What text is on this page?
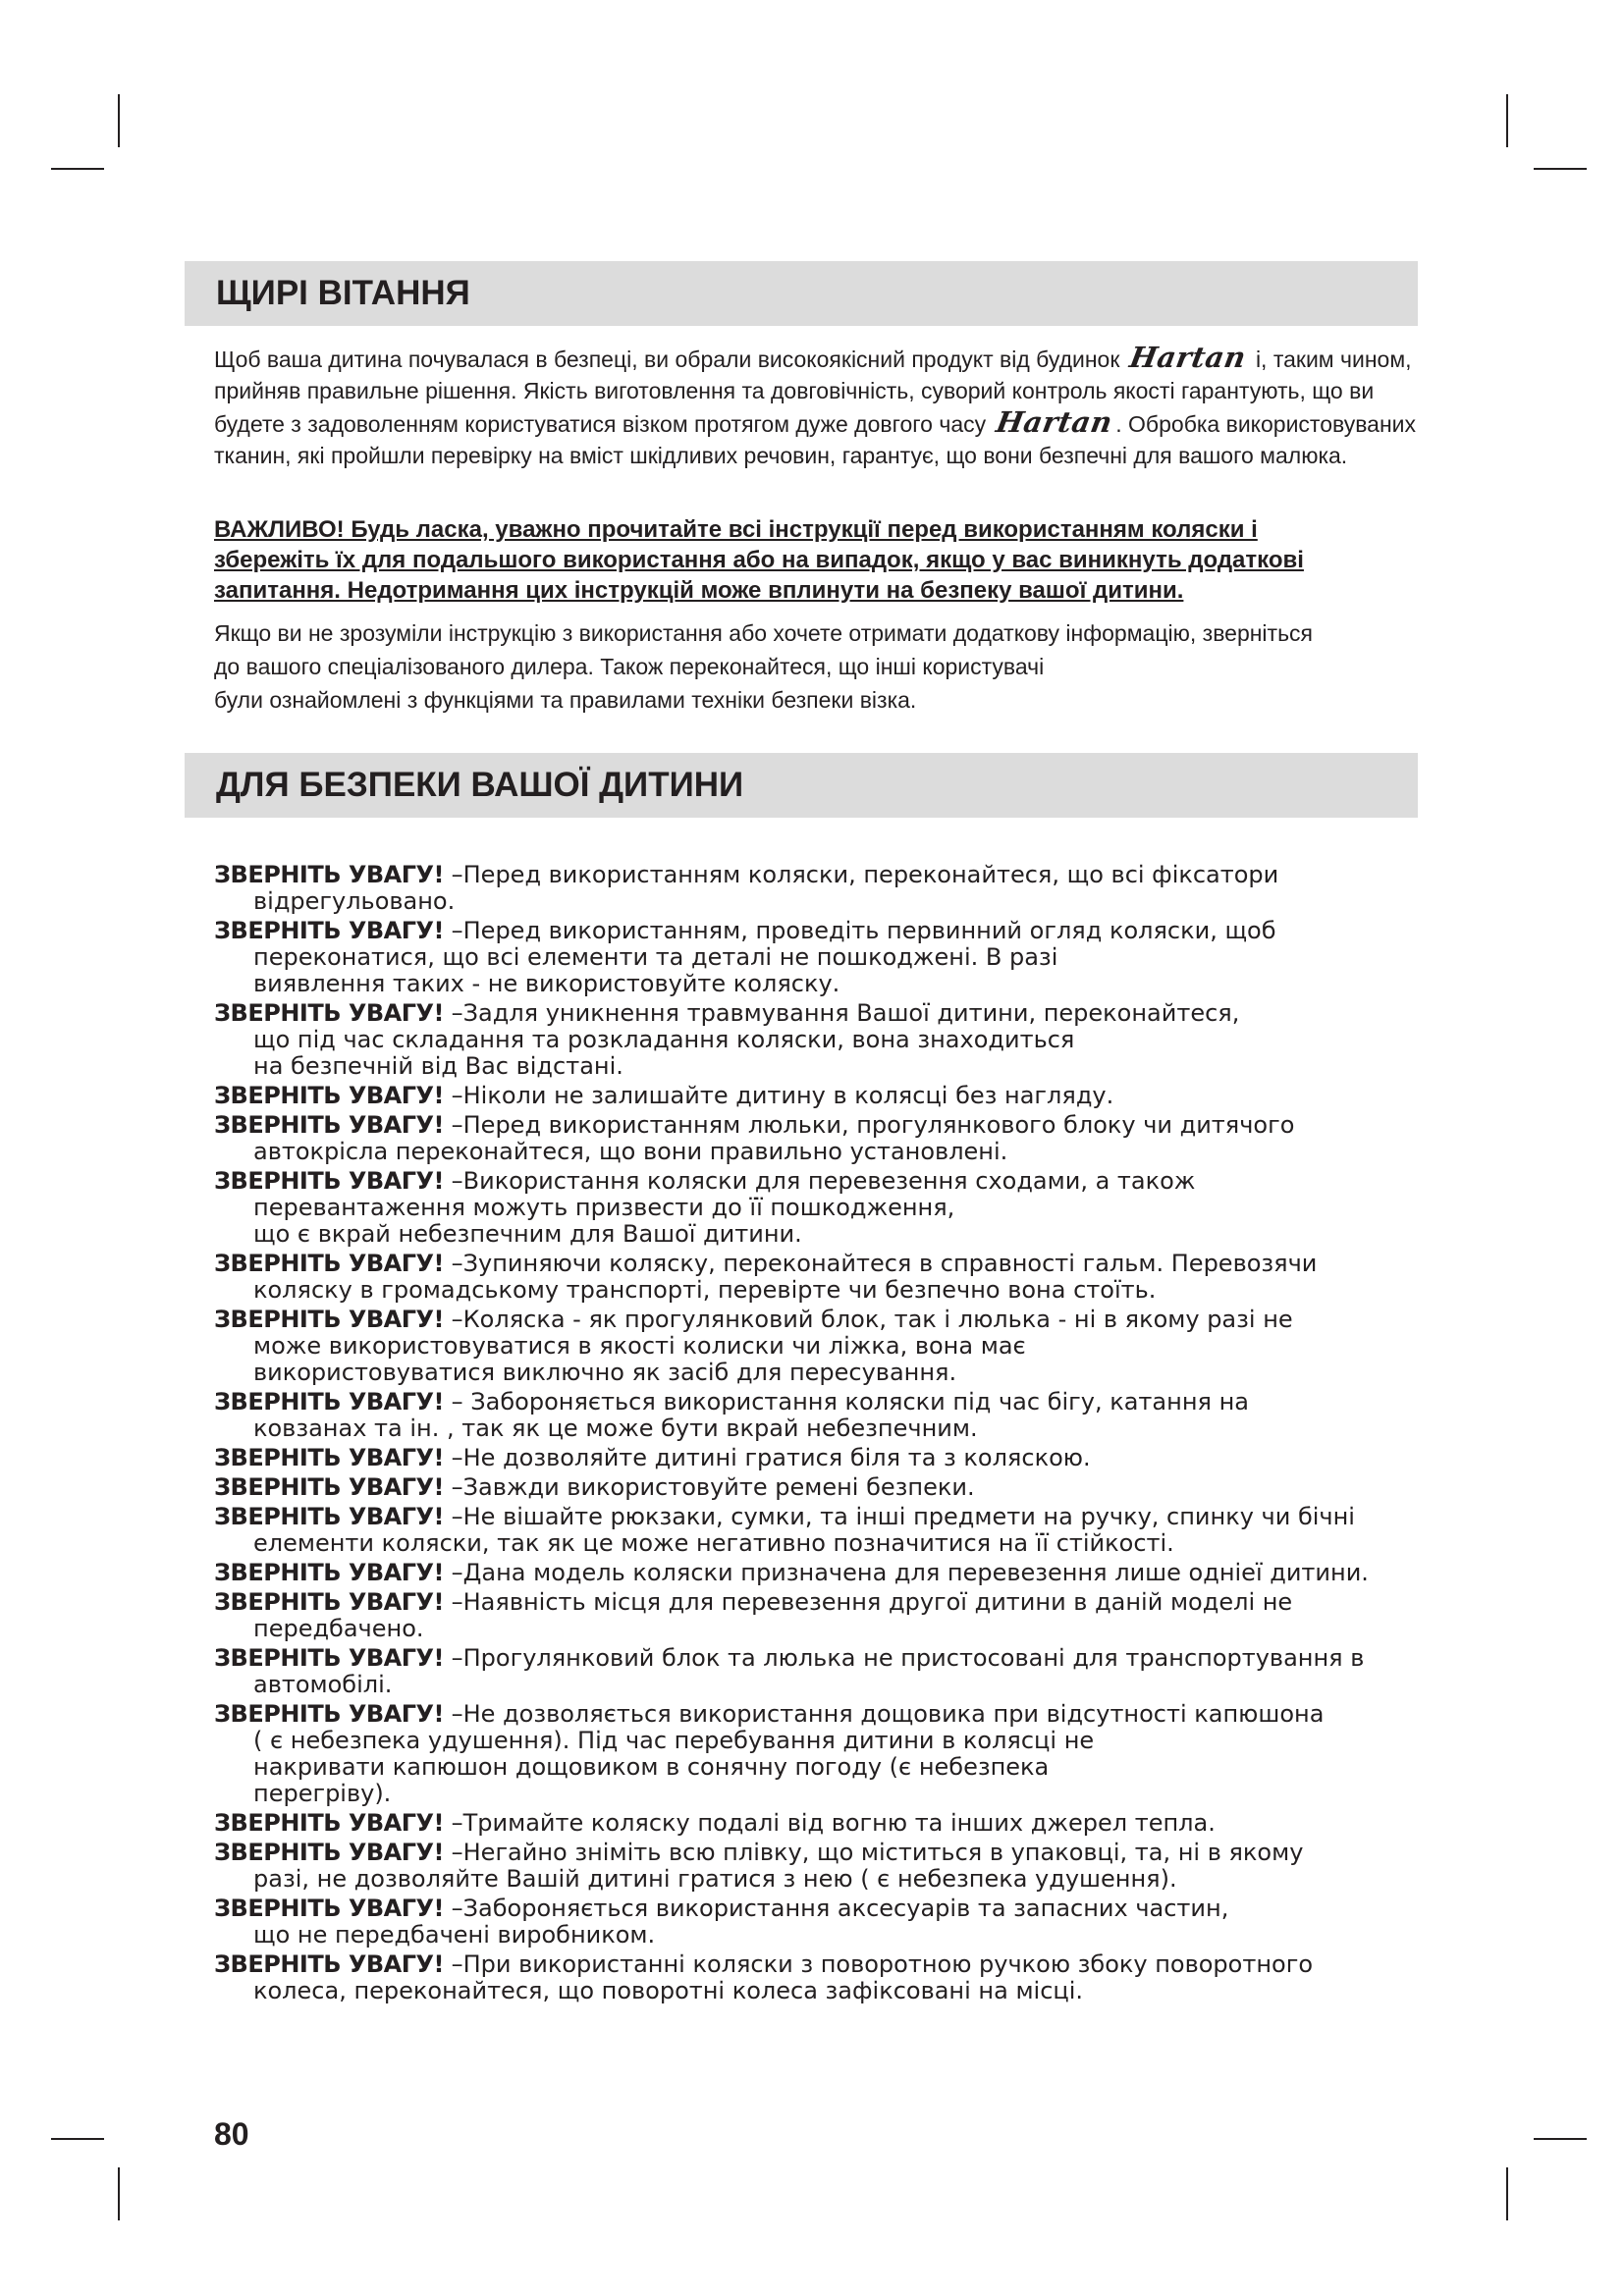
ЩИРІ ВІТАННЯ

Щоб ваша дитина почувалася в безпеці, ви обрали високоякісний продукт від будинок Hartan і, таким чином, прийняв правильне рішення. Якість виготовлення та довговічність, суворий контроль якості гарантують, що ви будете з задоволенням користуватися візком протягом дуже довгого часу Hartan. Обробка використовуваних тканин, які пройшли перевірку на вміст шкідливих речовин, гарантує, що вони безпечні для вашого малюка.

ВАЖЛИВО! Будь ласка, уважно прочитайте всі інструкції перед використанням коляски і
збережіть їх для подальшого використання або на випадок, якщо у вас виникнуть додаткові
запитання. Недотримання цих інструкцій може вплинути на безпеку вашої дитини.
Якщо ви не зрозуміли інструкцію з використання або хочете отримати додаткову інформацію, зверніться
до вашого спеціалізованого дилера. Також переконайтеся, що інші користувачі
були ознайомлені з функціями та правилами техніки безпеки візка.
ДЛЯ БЕЗПЕКИ ВАШОЇ ДИТИНИ
ЗВЕРНІТЬ УВАГУ! –Перед використанням коляски, переконайтеся, що всі фіксатори
відрегульовано.
ЗВЕРНІТЬ УВАГУ! –Перед використанням, проведіть первинний огляд коляски, щоб
переконатися, що всі елементи та деталі не пошкоджені. В разі
виявлення таких - не використовуйте коляску.
ЗВЕРНІТЬ УВАГУ! –Задля уникнення травмування Вашої дитини, переконайтеся,
що під час складання та розкладання коляски, вона знаходиться
на безпечній від Вас відстані.
ЗВЕРНІТЬ УВАГУ! –Ніколи не залишайте дитину в колясці без нагляду.
ЗВЕРНІТЬ УВАГУ! –Перед використанням люльки, прогулянкового блоку чи дитячого
автокрісла переконайтеся, що вони правильно установлені.
ЗВЕРНІТЬ УВАГУ! –Використання коляски для перевезення сходами, а також
перевантаження можуть призвести до її пошкодження,
що є вкрай небезпечним для Вашої дитини.
ЗВЕРНІТЬ УВАГУ! –Зупиняючи коляску, переконайтеся в справності гальм. Перевозячи
коляску в громадському транспорті, перевірте чи безпечно вона стоїть.
ЗВЕРНІТЬ УВАГУ! –Коляска - як прогулянковий блок, так і люлька - ні в якому разі не
може використовуватися в якості колиски чи ліжка, вона має
використовуватися виключно як засіб для пересування.
ЗВЕРНІТЬ УВАГУ! – Забороняється використання коляски під час бігу, катання на
ковзанах та ін. , так як це може бути вкрай небезпечним.
ЗВЕРНІТЬ УВАГУ! –Не дозволяйте дитині гратися біля та з коляскою.
ЗВЕРНІТЬ УВАГУ! –Завжди використовуйте ремені безпеки.
ЗВЕРНІТЬ УВАГУ! –Не вішайте рюкзаки, сумки, та інші предмети на ручку, спинку чи бічні
елементи коляски, так як це може негативно позначитися на її стійкості.
ЗВЕРНІТЬ УВАГУ! –Дана модель коляски призначена для перевезення лише одніеї дитини.
ЗВЕРНІТЬ УВАГУ! –Наявність місця для перевезення другої дитини в даній моделі не
передбачено.
ЗВЕРНІТЬ УВАГУ! –Прогулянковий блок та люлька не пристосовані для транспортування в
автомобілі.
ЗВЕРНІТЬ УВАГУ! –Не дозволяється використання дощовика при відсутності капюшона
( є небезпека удушення). Під час перебування дитини в колясці не
накривати капюшон дощовиком в сонячну погоду (є небезпека
перегріву).
ЗВЕРНІТЬ УВАГУ! –Тримайте коляску подалі від вогню та інших джерел тепла.
ЗВЕРНІТЬ УВАГУ! –Негайно зніміть всю плівку, що міститься в упаковці, та, ні в якому
разі, не дозволяйте Вашій дитині гратися з нею ( є небезпека удушення).
ЗВЕРНІТЬ УВАГУ! –Забороняється використання аксесуарів та запасних частин,
що не передбачені виробником.
ЗВЕРНІТЬ УВАГУ! –При використанні коляски з поворотною ручкою збоку поворотного
колеса, переконайтеся, що поворотні колеса зафіксовані на місці.
80
